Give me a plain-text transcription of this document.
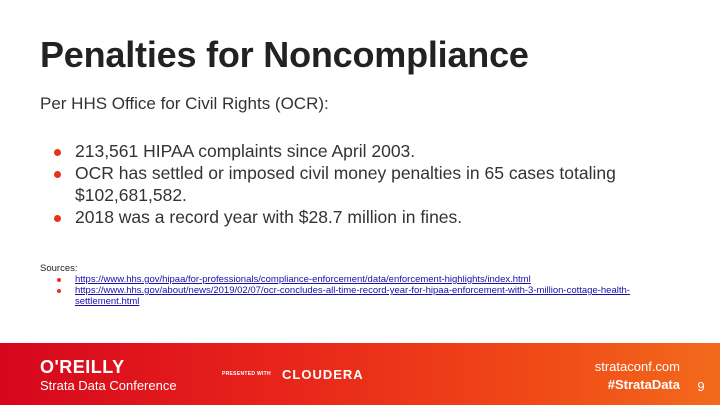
Penalties for Noncompliance
Per HHS Office for Civil Rights (OCR):
213,561 HIPAA complaints since April 2003.
OCR has settled or imposed civil money penalties in 65 cases totaling $102,681,582.
2018 was a record year with $28.7 million in fines.
Sources:
https://www.hhs.gov/hipaa/for-professionals/compliance-enforcement/data/enforcement-highlights/index.html
https://www.hhs.gov/about/news/2019/02/07/ocr-concludes-all-time-record-year-for-hipaa-enforcement-with-3-million-cottage-health-settlement.html
O'REILLY
Strata Data Conference
PRESENTED WITH CLOUDERA
strataconf.com
#StrataData	9
